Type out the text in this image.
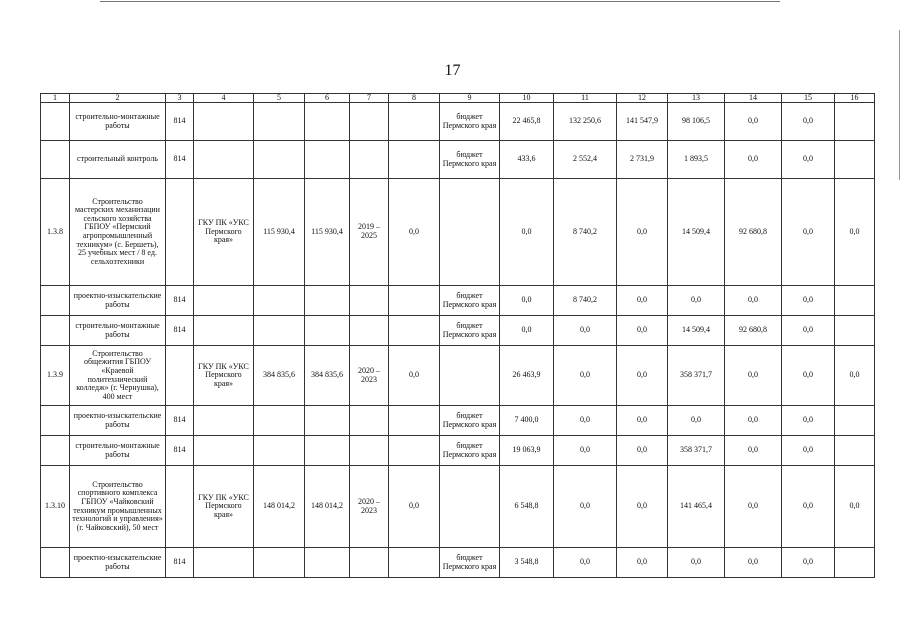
17
1	2	3	4	5	6	7	8	9	10	11	12	13	14	15	16
	строительно-монтажные работы	814						бюджет Пермского края	22 465,8	132 250,6	141 547,9	98 106,5	0,0	0,0	
	строительный контроль	814						бюджет Пермского края	433,6	2 552,4	2 731,9	1 893,5	0,0	0,0	
1.3.8	Строительство мастерских механизации сельского хозяйства ГБПОУ «Пермский агропромышленный техникум» (с. Бершеть), 25 учебных мест / 8 ед. сельхозтехники		ГКУ ПК «УКС Пермского края»	115 930,4	115 930,4	2019 – 2025	0,0		0,0	8 740,2	0,0	14 509,4	92 680,8	0,0	0,0
	проектно-изыскательские работы	814						бюджет Пермского края	0,0	8 740,2	0,0	0,0	0,0	0,0	
	строительно-монтажные работы	814						бюджет Пермского края	0,0	0,0	0,0	14 509,4	92 680,8	0,0	
1.3.9	Строительство общежития ГБПОУ «Краевой политехнический колледж» (г. Чернушка), 400 мест		ГКУ ПК «УКС Пермского края»	384 835,6	384 835,6	2020 – 2023	0,0		26 463,9	0,0	0,0	358 371,7	0,0	0,0	0,0
	проектно-изыскательские работы	814						бюджет Пермского края	7 400,0	0,0	0,0	0,0	0,0	0,0	
	строительно-монтажные работы	814						бюджет Пермского края	19 063,9	0,0	0,0	358 371,7	0,0	0,0	
1.3.10	Строительство спортивного комплекса ГБПОУ «Чайковский техникум промышленных технологий и управления» (г. Чайковский), 50 мест		ГКУ ПК «УКС Пермского края»	148 014,2	148 014,2	2020 – 2023	0,0		6 548,8	0,0	0,0	141 465,4	0,0	0,0	0,0
	проектно-изыскательские работы	814						бюджет Пермского края	3 548,8	0,0	0,0	0,0	0,0	0,0	
